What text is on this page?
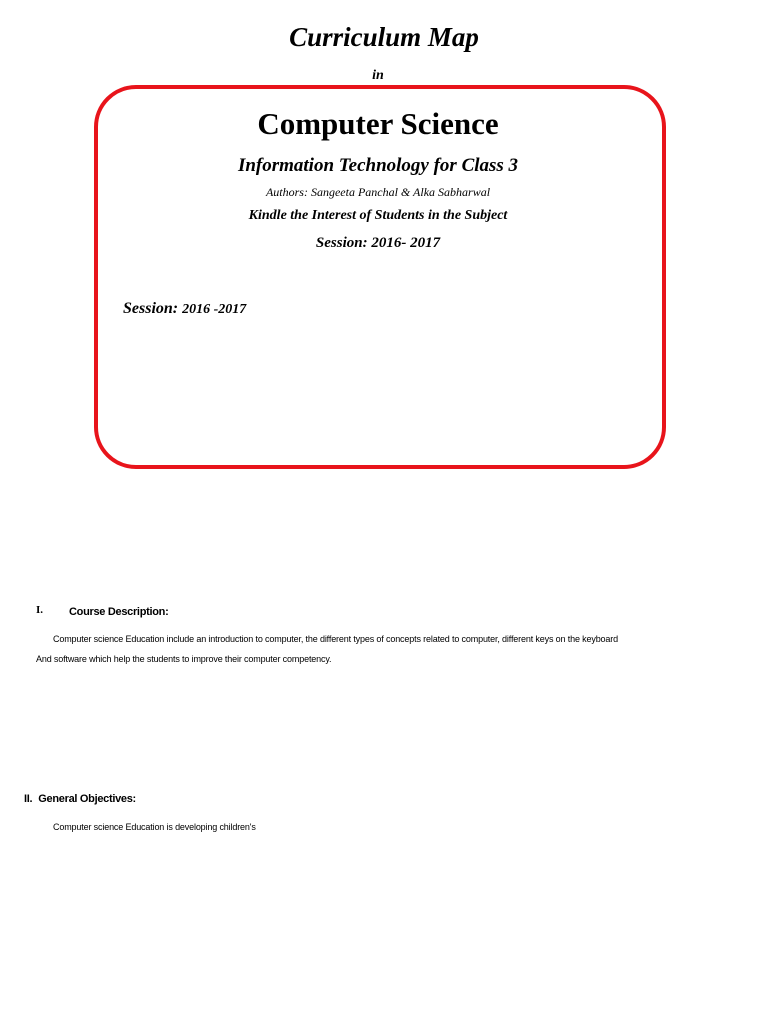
Curriculum Map
in
Computer Science
Information Technology for Class 3
Authors: Sangeeta Panchal & Alka Sabharwal
Kindle the Interest of Students in the Subject
Session: 2016- 2017
Session: 2016 -2017
I. Course Description:
Computer science Education include an introduction to computer, the different types of concepts related to computer, different keys on the keyboard
And software which help the students to improve their computer competency.
II. General Objectives:
Computer science Education is developing children's
